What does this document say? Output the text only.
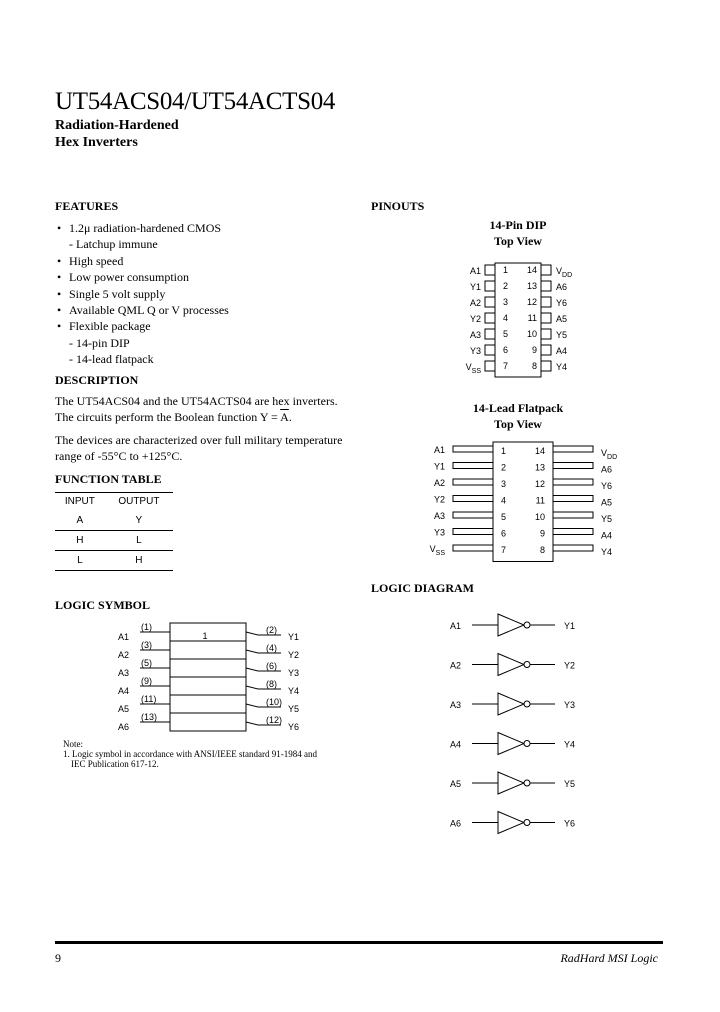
UT54ACS04/UT54ACTS04
Radiation-Hardened
Hex Inverters
FEATURES
• 1.2μ radiation-hardened CMOS
- Latchup immune
• High speed
• Low power consumption
• Single 5 volt supply
• Available QML Q or V processes
• Flexible package
- 14-pin DIP
- 14-lead flatpack
DESCRIPTION

The UT54ACS04 and the UT54ACTS04 are hex inverters. The circuits perform the Boolean function $Y = \overline{A}$.

The devices are characterized over full military temperature range of -55°C to +125°C.

FUNCTION TABLE
INPUT	OUTPUT
A	Y
H	L
L	H
LOGIC SYMBOL
1
A1
(1)
A2
(3)
A3
(5)
A4
(9)
A5
(11)
A6
(13)
(2)
Y1
(4)
Y2
(6)
Y3
(8)
Y4
(10)
Y5
(12)
Y6
Note:
1. Logic symbol in accordance with ANSI/IEEE standard 91-1984 and
IEC Publication 617-12.
PINOUTS
14-Pin DIP
Top View
A1 1
Y1 2
A2 3
Y2 4
A3 5
Y3 6
$V_{SS}$
7
$V_{DD}$
14
A6
13
Y6
12
A5
11
Y5
10
A4
9
Y4
8
14-Lead Flatpack
Top View
A1	1
Y1	2
A2	3
Y2	4
A3	5
Y3	6
$V_{SS}$	7
$V_{DD}$
14
A6
13
Y6
12
A5
11
Y5
10
A4
9
Y4
8
LOGIC DIAGRAM
A1	Y1
A2	Y2
A3	Y3
A4	Y4
A5	Y5
A6	Y6
9	RadHard MSI Logic
